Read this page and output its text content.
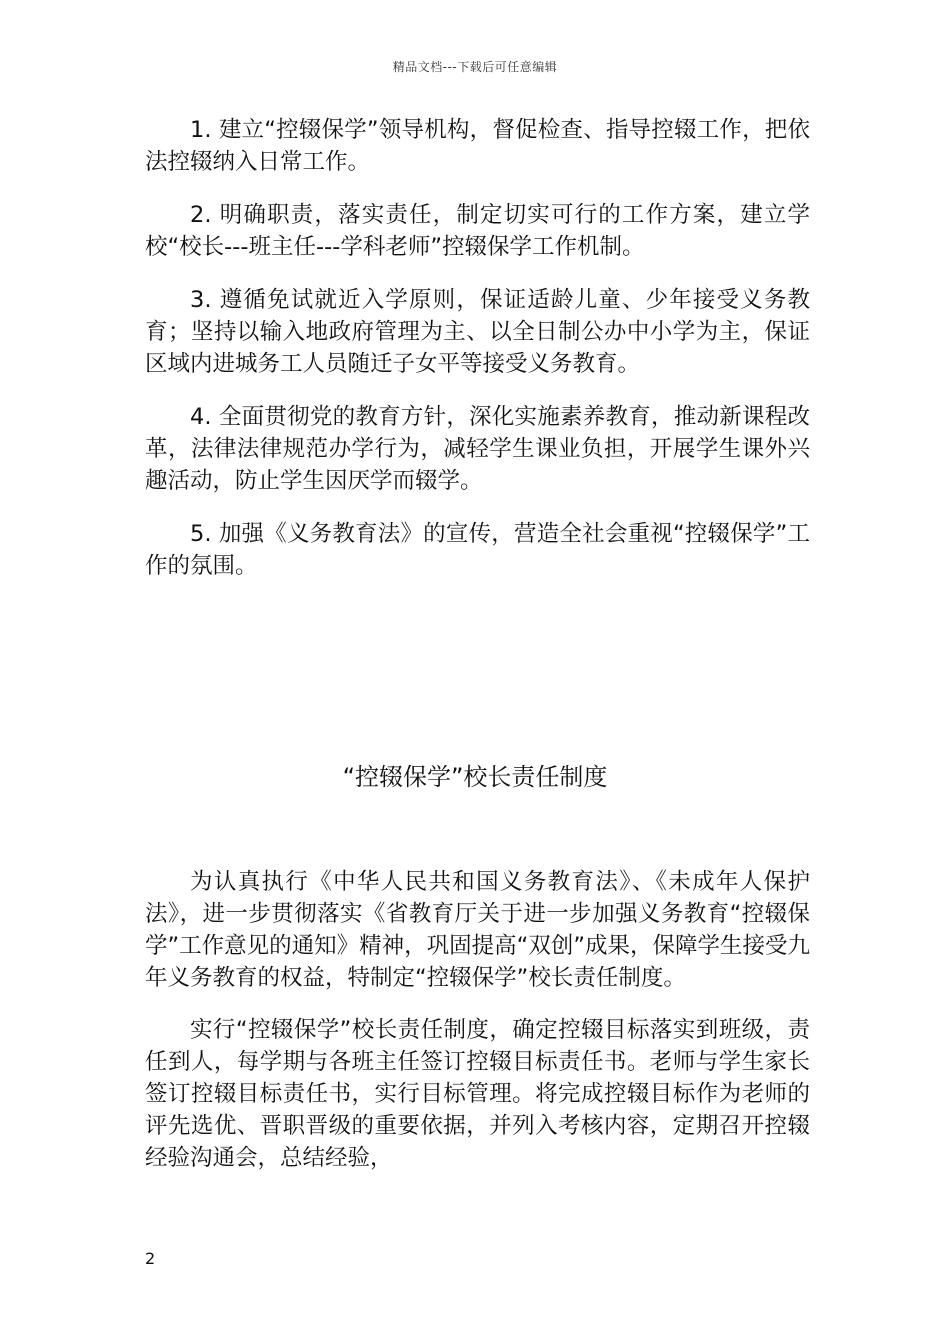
精品文档---下载后可任意编辑

1. 建立“控辍保学”领导机构，督促检查、指导控辍工作，把依法控辍纳入日常工作。

2. 明确职责，落实责任，制定切实可行的工作方案，建立学校“校长---班主任---学科老师”控辍保学工作机制。

3. 遵循免试就近入学原则，保证适龄儿童、少年接受义务教育；坚持以输入地政府管理为主、以全日制公办中小学为主，保证区域内进城务工人员随迁子女平等接受义务教育。

4. 全面贯彻党的教育方针，深化实施素养教育，推动新课程改革，法律法律规范办学行为，减轻学生课业负担，开展学生课外兴趣活动，防止学生因厌学而辍学。

5. 加强《义务教育法》的宣传，营造全社会重视“控辍保学”工作的氛围。

“控辍保学”校长责任制度

为认真执行《中华人民共和国义务教育法》、《未成年人保护法》，进一步贯彻落实《省教育厅关于进一步加强义务教育“控辍保学”工作意见的通知》精神，巩固提高“双创”成果，保障学生接受九年义务教育的权益，特制定“控辍保学”校长责任制度。

实行“控辍保学”校长责任制度，确定控辍目标落实到班级，责任到人，每学期与各班主任签订控辍目标责任书。老师与学生家长签订控辍目标责任书，实行目标管理。将完成控辍目标作为老师的评先选优、晋职晋级的重要依据，并列入考核内容，定期召开控辍经验沟通会，总结经验，

2
